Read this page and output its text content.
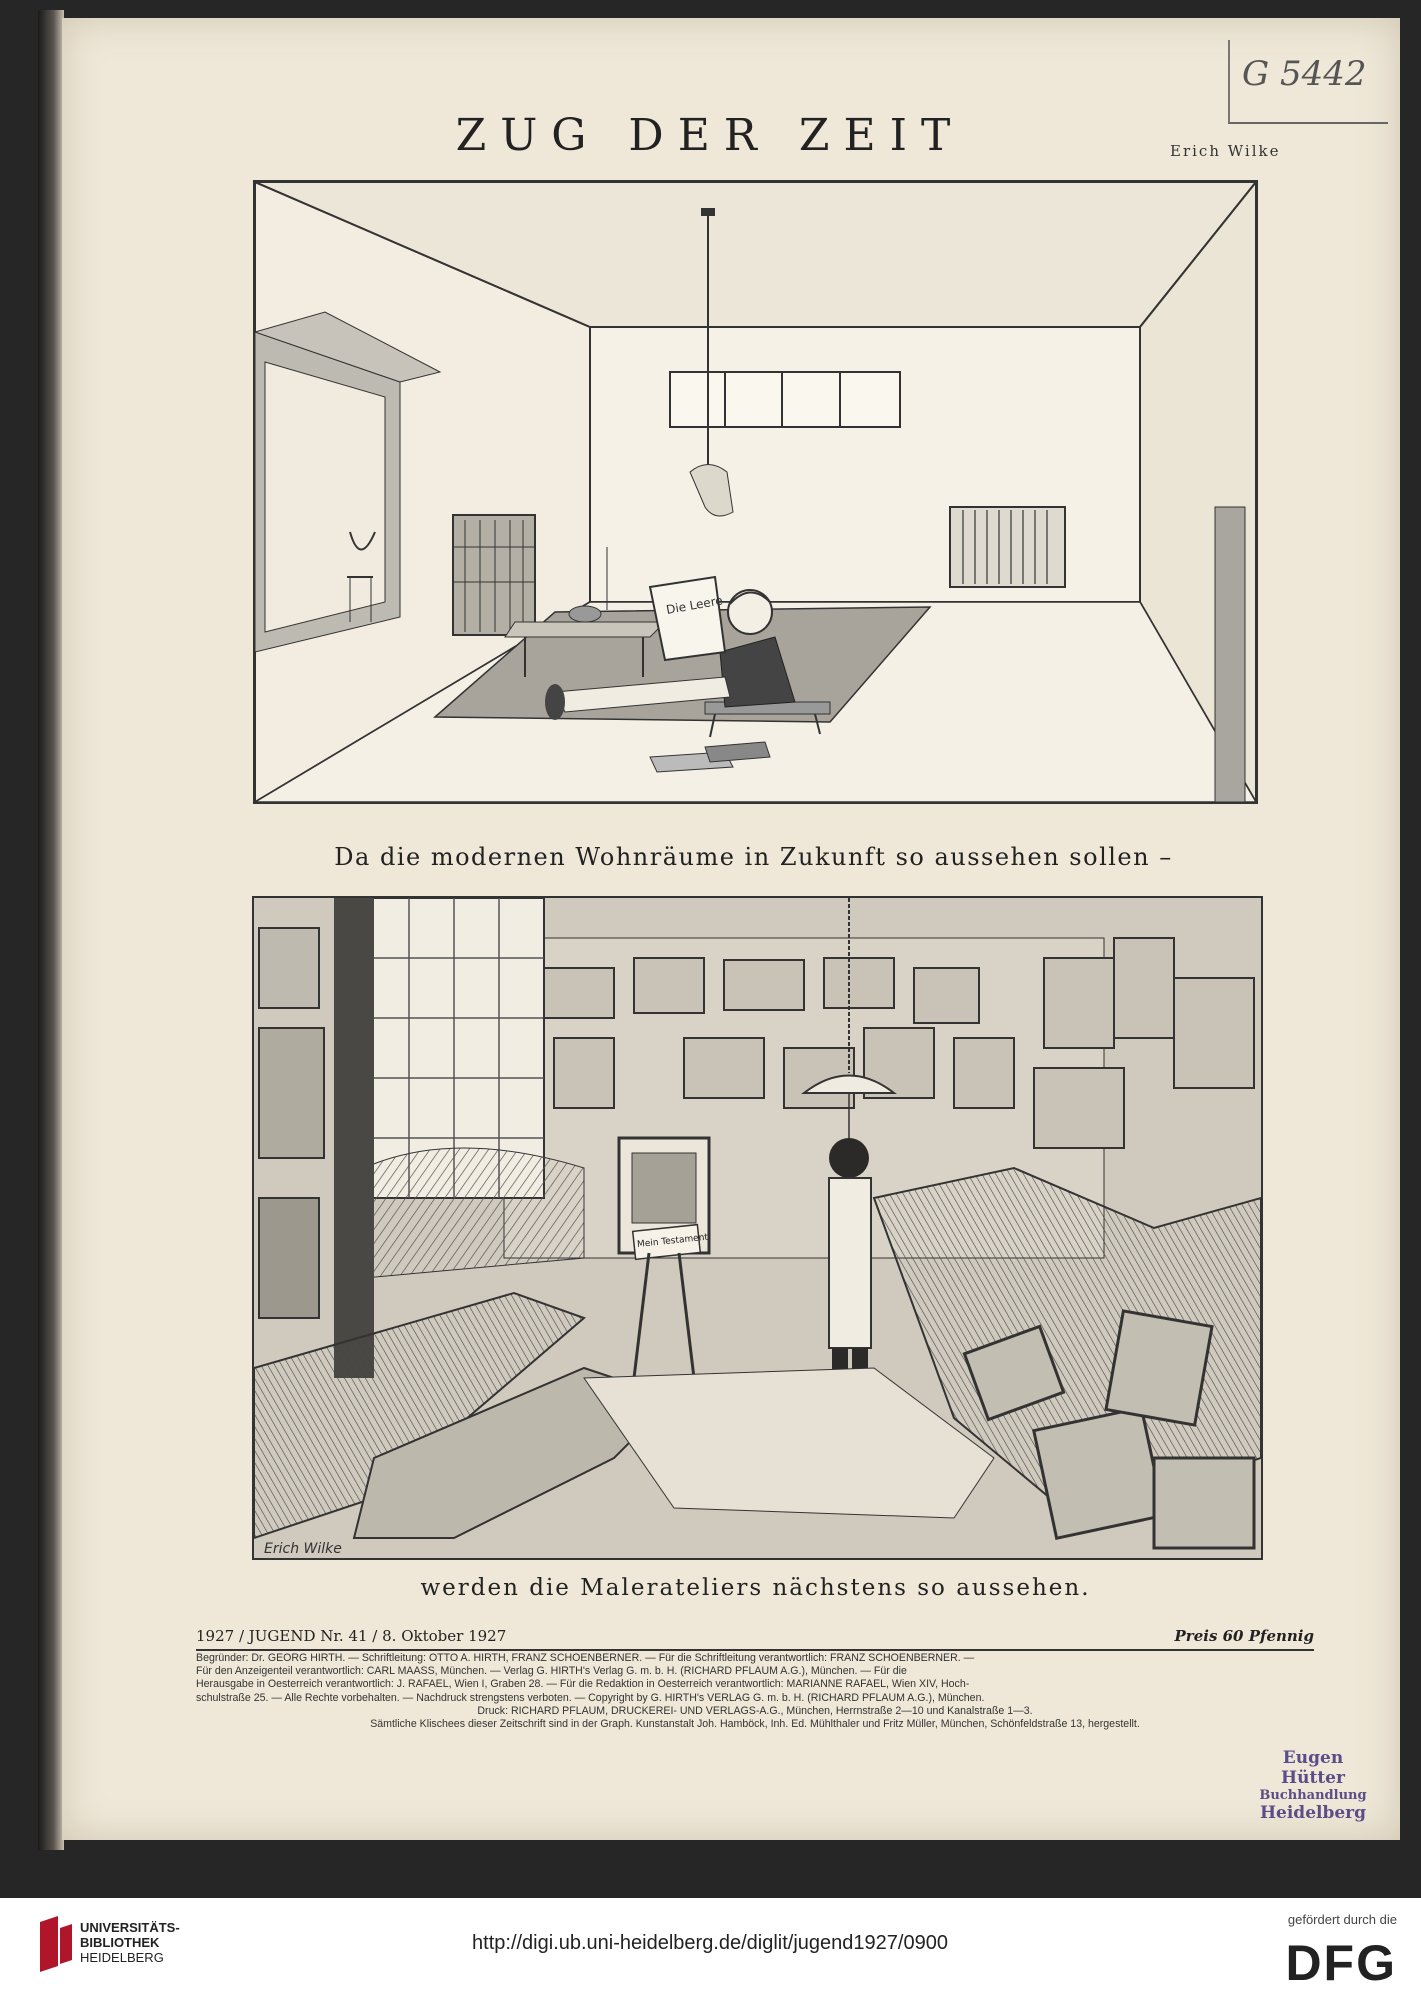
G 5442
ZUG DER ZEIT	Erich Wilke
Die Leere
Da die modernen Wohnräume in Zukunft so aussehen sollen –
Mein Testament
Erich Wilke
werden die Malerateliers nächstens so aussehen.
1927 / JUGEND Nr. 41 / 8. Oktober 1927	Preis 60 Pfennig
Begründer: Dr. GEORG HIRTH. — Schriftleitung: OTTO A. HIRTH, FRANZ SCHOENBERNER. — Für die Schriftleitung verantwortlich: FRANZ SCHOENBERNER. —
Für den Anzeigenteil verantwortlich: CARL MAASS, München. — Verlag G. HIRTH's Verlag G. m. b. H. (RICHARD PFLAUM A.G.), München. — Für die
Herausgabe in Oesterreich verantwortlich: J. RAFAEL, Wien I, Graben 28. — Für die Redaktion in Oesterreich verantwortlich: MARIANNE RAFAEL, Wien XIV, Hoch-
schulstraße 25. — Alle Rechte vorbehalten. — Nachdruck strengstens verboten. — Copyright by G. HIRTH's VERLAG G. m. b. H. (RICHARD PFLAUM A.G.), München.
Druck: RICHARD PFLAUM, DRUCKEREI- UND VERLAGS-A.G., München, Herrnstraße 2—10 und Kanalstraße 1—3.
Sämtliche Klischees dieser Zeitschrift sind in der Graph. Kunstanstalt Joh. Hamböck, Inh. Ed. Mühlthaler und Fritz Müller, München, Schönfeldstraße 13, hergestellt.
Eugen Hütter
Buchhandlung
Heidelberg
UNIVERSITÄTS-
BIBLIOTHEK
HEIDELBERG
http://digi.ub.uni-heidelberg.de/diglit/jugend1927/0900
gefördert durch die
DFG
